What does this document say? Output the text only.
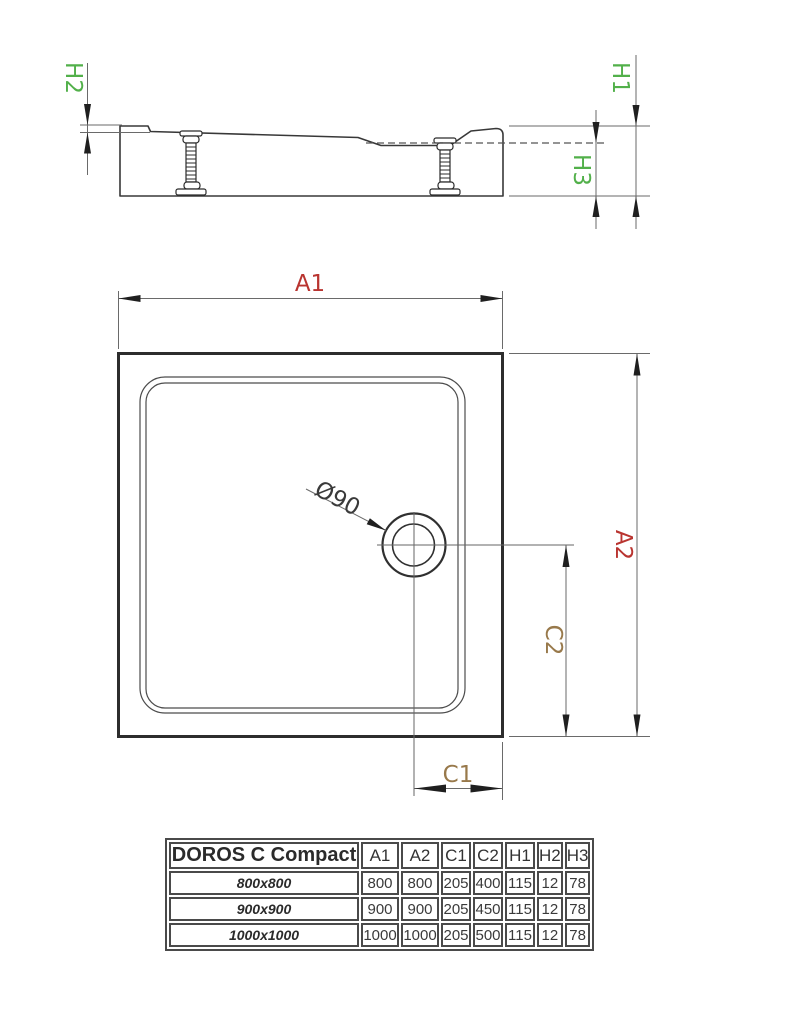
H2	H1
H3
Ø90
A1
A2
C2
C1
DOROS C Compact	A1	A2	C1	C2	H1	H2	H3
800x800	800	800	205	400	115	12	78
900x900	900	900	205	450	115	12	78
1000x1000	1000	1000	205	500	115	12	78
